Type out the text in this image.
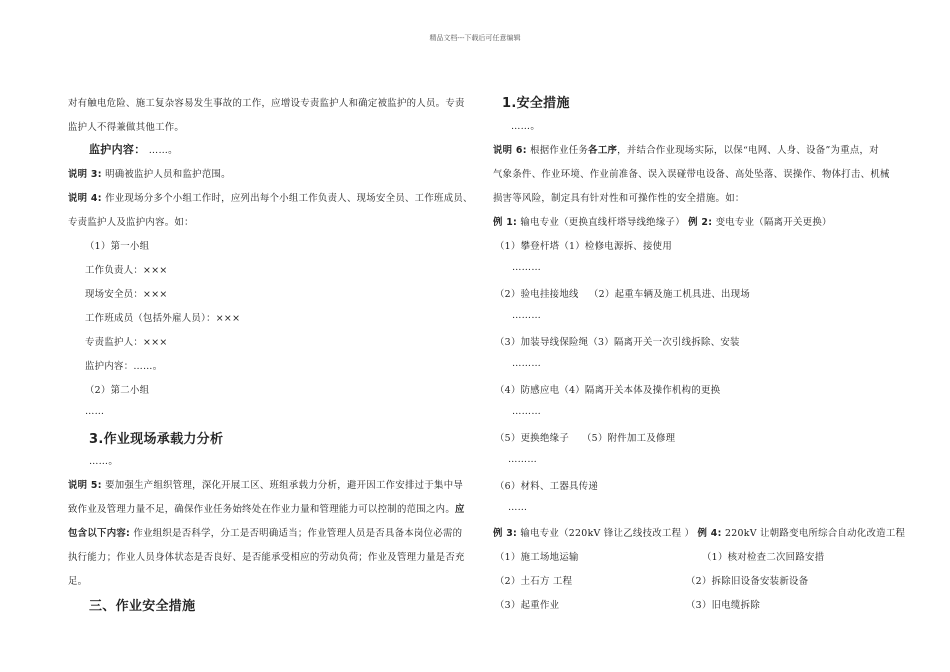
精品文档---下载后可任意编辑
对有触电危险、施工复杂容易发生事故的工作，应增设专责监护人和确定被监护的人员。专责
监护人不得兼做其他工作。
监护内容： ……。
说明 3: 明确被监护人员和监护范围。
说明 4: 作业现场分多个小组工作时，应列出每个小组工作负责人、现场安全员、工作班成员、
专责监护人及监护内容。如：
（1）第一小组
工作负责人：×××
现场安全员：×××
工作班成员（包括外雇人员）：×××
专责监护人：×××
监护内容：……。
（2）第二小组
……
3.作业现场承载力分析
……。
说明 5: 要加强生产组织管理，深化开展工区、班组承载力分析，避开因工作安排过于集中导
致作业及管理力量不足，确保作业任务始终处在作业力量和管理能力可以控制的范围之内。应
包含以下内容: 作业组织是否科学，分工是否明确适当；作业管理人员是否具备本岗位必需的
执行能力；作业人员身体状态是否良好、是否能承受相应的劳动负荷；作业及管理力量是否充
足。
三、作业安全措施
1.安全措施
……。
说明 6: 根据作业任务各工序，并结合作业现场实际，以保“电网、人身、设备”为重点，对
气象条件、作业环境、作业前准备、误入误碰带电设备、高处坠落、误操作、物体打击、机械
损害等风险，制定具有针对性和可操作性的安全措施。如：
例 1: 输电专业（更换直线杆塔导线绝缘子） 例 2: 变电专业（隔离开关更换）
（1）攀登杆塔（1）检修电源拆、接使用
………
（2）验电挂接地线 （2）起重车辆及施工机具进、出现场
………
（3）加装导线保险绳（3）隔离开关一次引线拆除、安装
………
（4）防感应电（4）隔离开关本体及操作机构的更换
………
（5）更换绝缘子 （5）附件加工及修理
………
（6）材料、工器具传递
……
例 3: 输电专业（220kV 锋让乙线技改工程 ） 例 4: 220kV 让朝路变电所综合自动化改造工程
（1）施工场地运输	（1）核对检查二次回路安措
（2）土石方 工程	（2）拆除旧设备安装新设备
（3）起重作业	（3）旧电缆拆除
